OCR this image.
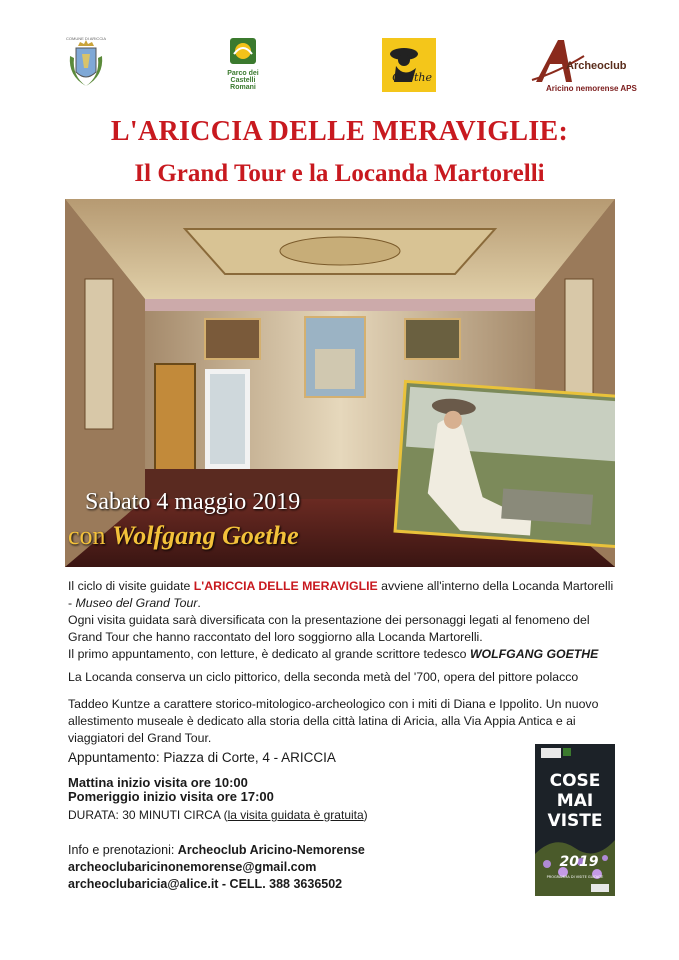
COMUNE DI ARICCIA
Parco dei Castelli Romani
Goethe
Archeoclub
Aricino nemorense APS
L'ARICCIA DELLE MERAVIGLIE:
Il Grand Tour e la Locanda Martorelli
Sabato 4 maggio 2019
con Wolfgang Goethe

Il ciclo di visite guidate L'ARICCIA DELLE MERAVIGLIE avviene all'interno della Locanda Martorelli

- Museo del Grand Tour.

Ogni visita guidata sarà diversificata con la presentazione dei personaggi legati al fenomeno del Grand Tour che hanno raccontato del loro soggiorno alla Locanda Martorelli.

Il primo appuntamento, con letture, è dedicato al grande scrittore tedesco WOLFGANG GOETHE

La Locanda conserva un ciclo pittorico, della seconda metà del '700, opera del pittore polacco

Taddeo Kuntze a carattere storico-mitologico-archeologico con i miti di Diana e Ippolito. Un nuovo allestimento museale è dedicato alla storia della città latina di Aricia, alla Via Appia Antica e ai viaggiatori del Grand Tour.

Appuntamento: Piazza di Corte, 4 - ARICCIA
Mattina inizio visita ore 10:00
Pomeriggio inizio visita ore 17:00
DURATA: 30 MINUTI CIRCA (la visita guidata è gratuita)
Info e prenotazioni: Archeoclub Aricino-Nemorense
archeoclubaricinonemorense@gmail.com
archeoclubaricia@alice.it - CELL. 388 3636502
COSE
MAI
VISTE
2019
PROGRAMMA DI VISITE GUIDATE
